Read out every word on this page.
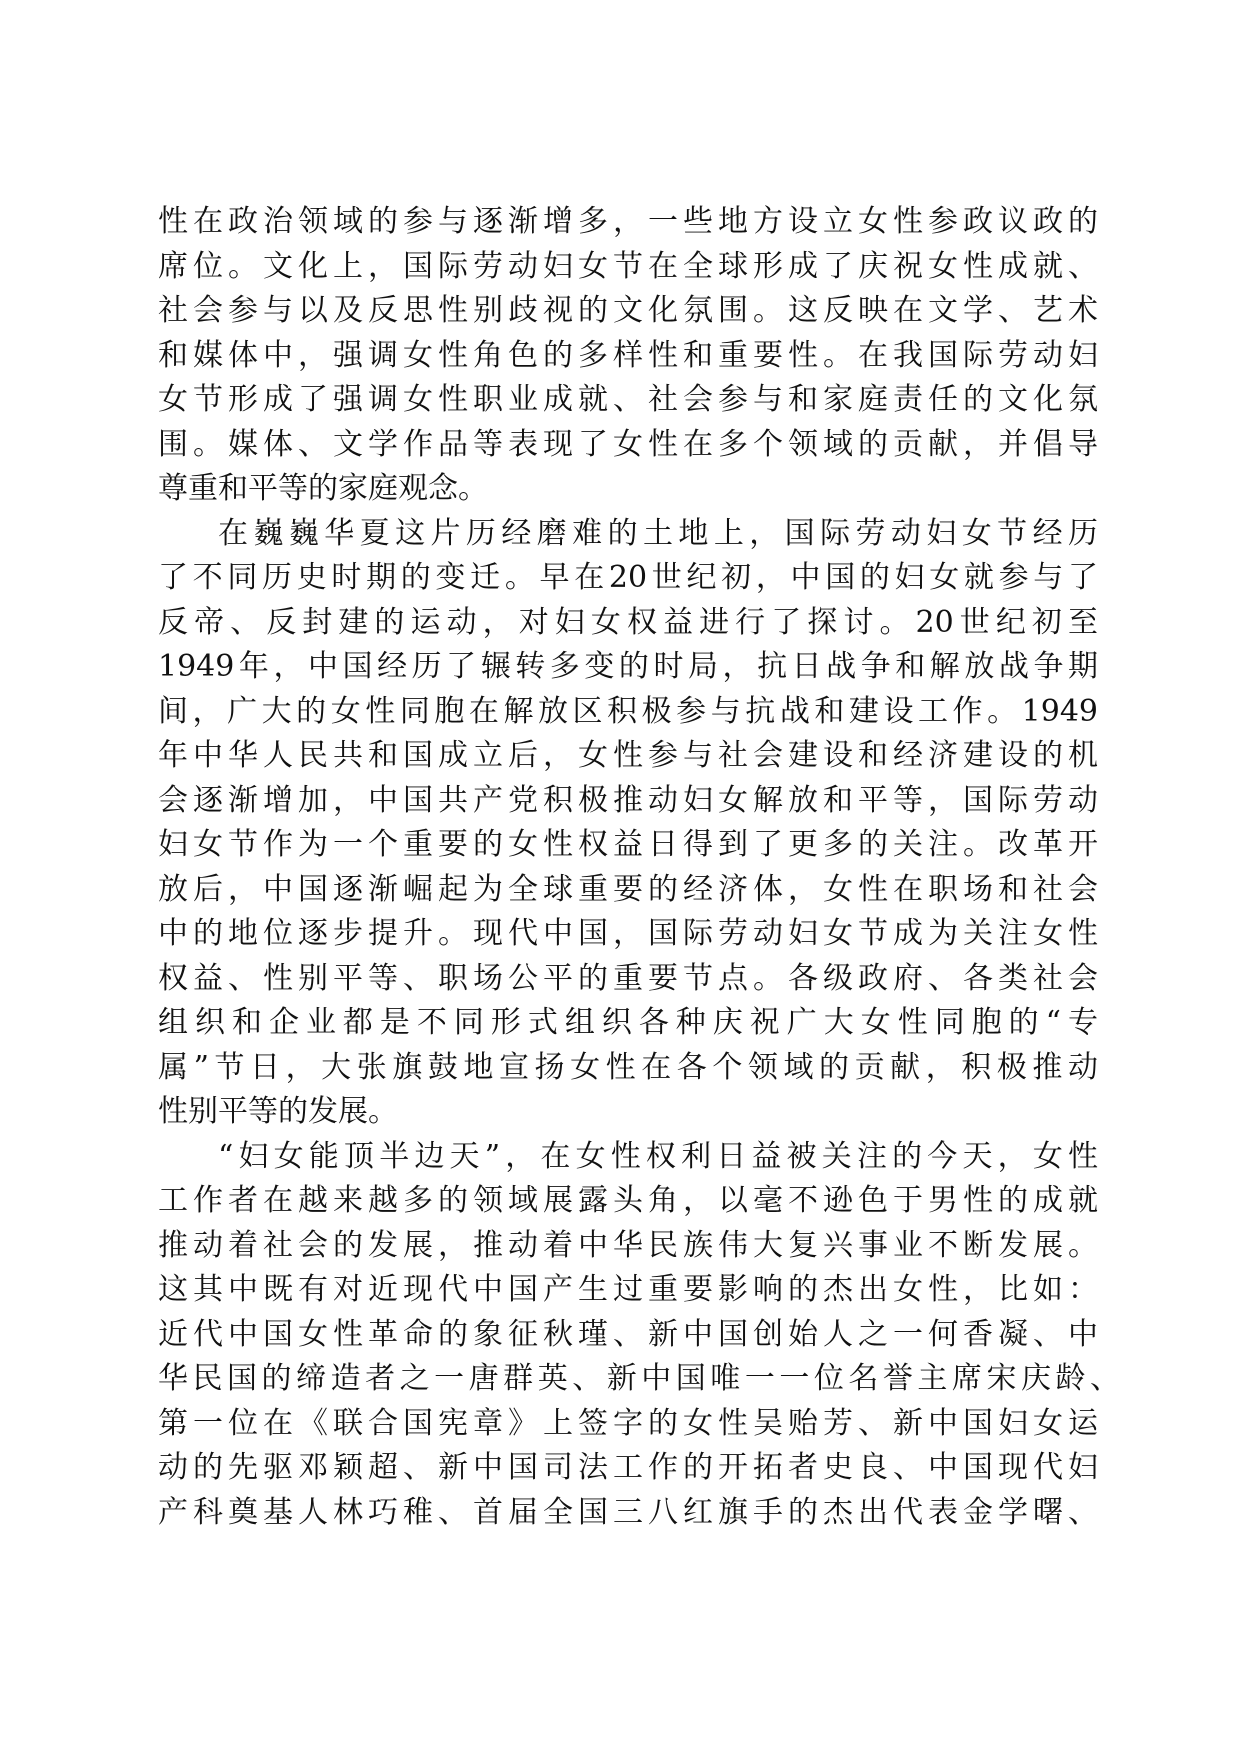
性在政治领域的参与逐渐增多，一些地方设立女性参政议政的
席位。文化上，国际劳动妇女节在全球形成了庆祝女性成就、
社会参与以及反思性别歧视的文化氛围。这反映在文学、艺术
和媒体中，强调女性角色的多样性和重要性。在我国际劳动妇
女节形成了强调女性职业成就、社会参与和家庭责任的文化氛
围。媒体、文学作品等表现了女性在多个领域的贡献，并倡导
尊重和平等的家庭观念。
在巍巍华夏这片历经磨难的土地上，国际劳动妇女节经历
了不同历史时期的变迁。早在20世纪初，中国的妇女就参与了
反帝、反封建的运动，对妇女权益进行了探讨。20世纪初至
1949年，中国经历了辗转多变的时局，抗日战争和解放战争期
间，广大的女性同胞在解放区积极参与抗战和建设工作。1949
年中华人民共和国成立后，女性参与社会建设和经济建设的机
会逐渐增加，中国共产党积极推动妇女解放和平等，国际劳动
妇女节作为一个重要的女性权益日得到了更多的关注。改革开
放后，中国逐渐崛起为全球重要的经济体，女性在职场和社会
中的地位逐步提升。现代中国，国际劳动妇女节成为关注女性
权益、性别平等、职场公平的重要节点。各级政府、各类社会
组织和企业都是不同形式组织各种庆祝广大女性同胞的“专
属”节日，大张旗鼓地宣扬女性在各个领域的贡献，积极推动
性别平等的发展。
“妇女能顶半边天”，在女性权利日益被关注的今天，女性
工作者在越来越多的领域展露头角，以毫不逊色于男性的成就
推动着社会的发展，推动着中华民族伟大复兴事业不断发展。
这其中既有对近现代中国产生过重要影响的杰出女性，比如：
近代中国女性革命的象征秋瑾、新中国创始人之一何香凝、中
华民国的缔造者之一唐群英、新中国唯一一位名誉主席宋庆龄、
第一位在《联合国宪章》上签字的女性吴贻芳、新中国妇女运
动的先驱邓颖超、新中国司法工作的开拓者史良、中国现代妇
产科奠基人林巧稚、首届全国三八红旗手的杰出代表金学曙、
